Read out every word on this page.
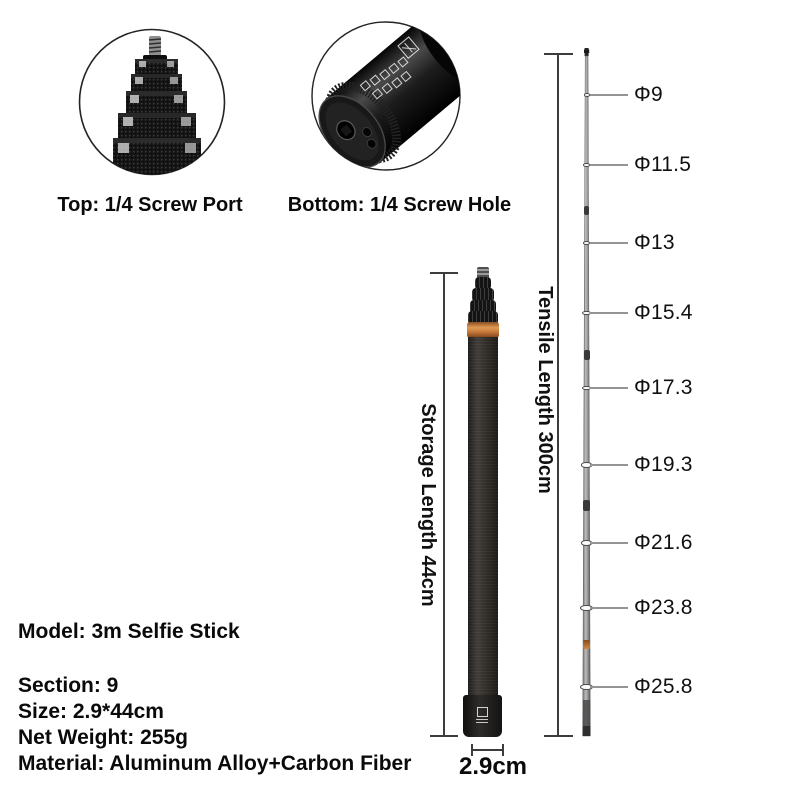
Top: 1/4 Screw Port	Bottom: 1/4 Screw Hole
Storage Length 44cm
Tensile Length 300cm
Φ9
Φ11.5
Φ13
Φ15.4
Φ17.3
Φ19.3
Φ21.6
Φ23.8
Φ25.8
2.9cm
Model: 3m Selfie Stick
Section: 9
Size: 2.9*44cm
Net Weight: 255g
Material: Aluminum Alloy+Carbon Fiber
